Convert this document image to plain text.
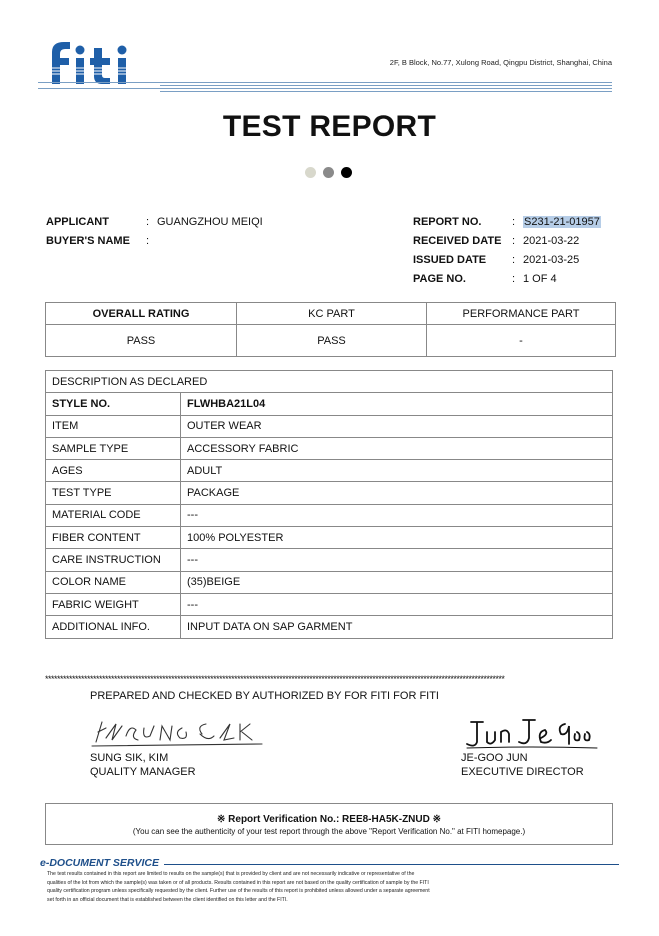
2F, B Block, No.77, Xulong Road, Qingpu District, Shanghai, China
TEST REPORT
APPLICANT	: GUANGZHOU MEIQI
BUYER'S NAME	:
REPORT NO.	: S231-21-01957
RECEIVED DATE : 2021-03-22
ISSUED DATE	: 2021-03-25
PAGE NO.	: 1 OF 4
OVERALL RATING	KC PART	PERFORMANCE PART
PASS	PASS	-
DESCRIPTION AS DECLARED	
STYLE NO.	FLWHBA21L04
ITEM	OUTER WEAR
SAMPLE TYPE	ACCESSORY FABRIC
AGES	ADULT
TEST TYPE	PACKAGE
MATERIAL CODE	---
FIBER CONTENT	100% POLYESTER
CARE INSTRUCTION	---
COLOR NAME	(35)BEIGE
FABRIC WEIGHT	---
ADDITIONAL INFO.	INPUT DATA ON SAP GARMENT
*********************************************************************************************************************************************************
PREPARED AND CHECKED BY AUTHORIZED BY FOR FITI FOR FITI
SUNG SIK, KIM
QUALITY MANAGER
JE-GOO JUN
EXECUTIVE DIRECTOR
※ Report Verification No.: REE8-HA5K-ZNUD ※
(You can see the authenticity of your test report through the above "Report Verification No." at FITI homepage.)
e-DOCUMENT SERVICE
The test results contained in this report are limited to results on the sample(s) that is provided by client and are not necessarily indicative or representative of the
qualities of the lot from which the sample(s) was taken or of all products. Results contained in this report are not based on the quality certification of sample by the FITI
quality certification program unless specifically requested by the client. Further use of the results of this report is prohibited unless allowed under a separate agreement
set forth in an official document that is established between the client identified on this letter and the FITI.
